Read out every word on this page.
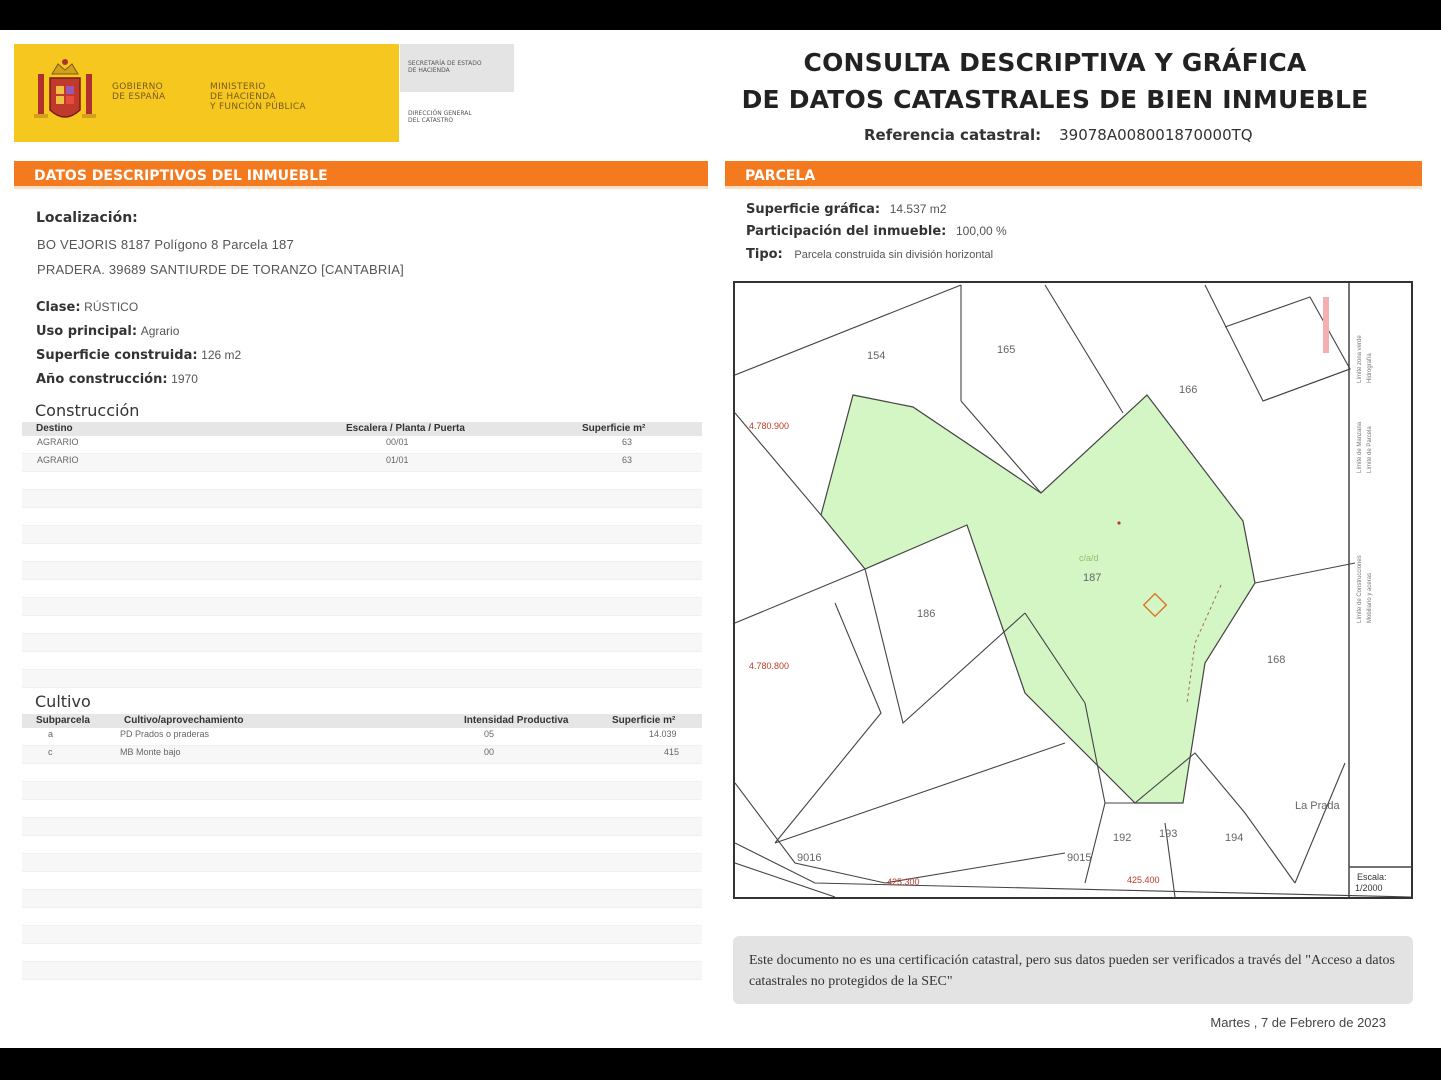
GOBIERNO
DE ESPAÑA
MINISTERIO
DE HACIENDA
Y FUNCIÓN PÚBLICA
SECRETARÍA DE ESTADO
DE HACIENDA
DIRECCIÓN GENERAL
DEL CATASTRO
CONSULTA DESCRIPTIVA Y GRÁFICA
DE DATOS CATASTRALES DE BIEN INMUEBLE
Referencia catastral: 39078A008001870000TQ
DATOS DESCRIPTIVOS DEL INMUEBLE
Localización:
BO VEJORIS 8187 Polígono 8 Parcela 187
PRADERA. 39689 SANTIURDE DE TORANZO [CANTABRIA]
Clase: RÚSTICO
Uso principal: Agrario
Superficie construida: 126 m2
Año construcción: 1970
Construcción
Destino	Escalera / Planta / Puerta	Superficie m²
AGRARIO	00/01	63
AGRARIO	01/01	63
Cultivo
Subparcela	Cultivo/aprovechamiento	Intensidad Productiva	Superficie m²
a	PD Prados o praderas	05	14.039
c	MB Monte bajo	00	415
PARCELA
Superficie gráfica: 14.537 m2
Participación del inmueble: 100,00 %
Tipo: Parcela construida sin división horizontal
154	165
166
187
168
186
192	193	194
c/a/d
La Prada
9016	9015
4.780.900
4.780.800
425.300	425.400
Límite de Manzana Límite de Parcela
Límite de Construcciones Mobiliario y aceras
Límite zona verde Hidrografía
Escala:
1/2000
Este documento no es una certificación catastral, pero sus datos pueden ser verificados a través del "Acceso a datos catastrales no protegidos de la SEC"
Martes , 7 de Febrero de 2023
